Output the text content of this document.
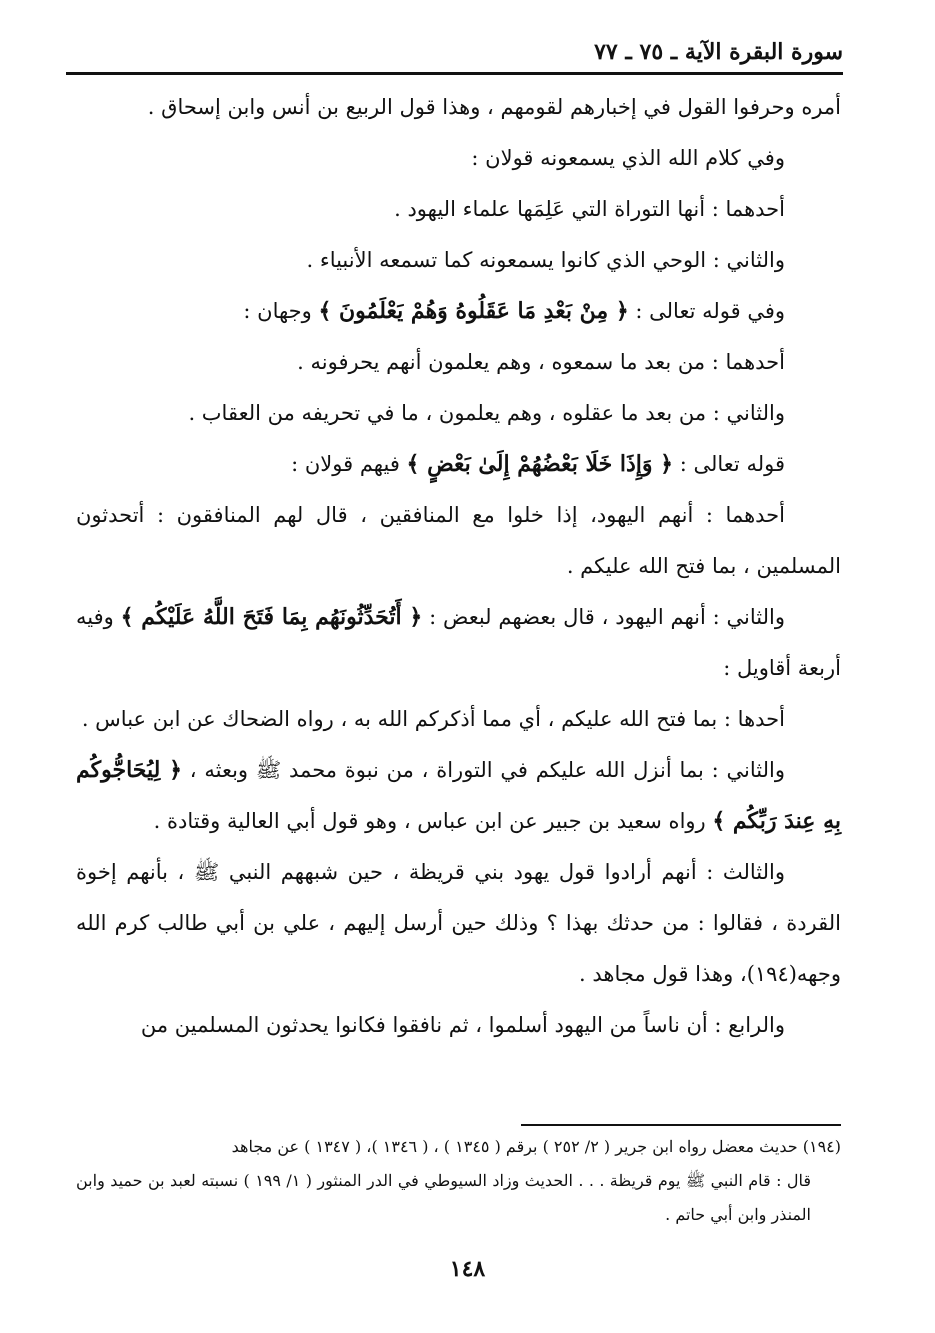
سورة البقرة الآية ـ ٧٥ ـ ٧٧

أمره وحرفوا القول في إخبارهم لقومهم ، وهذا قول الربيع بن أنس وابن إسحاق .

وفي كلام الله الذي يسمعونه قولان :

أحدهما : أنها التوراة التي عَلِمَها علماء اليهود .

والثاني : الوحي الذي كانوا يسمعونه كما تسمعه الأنبياء .

وفي قوله تعالى : ﴿ مِنْ بَعْدِ مَا عَقَلُوهُ وَهُمْ يَعْلَمُونَ ﴾ وجهان :

أحدهما : من بعد ما سمعوه ، وهم يعلمون أنهم يحرفونه .

والثاني : من بعد ما عقلوه ، وهم يعلمون ، ما في تحريفه من العقاب .

قوله تعالى : ﴿ وَإِذَا خَلَا بَعْضُهُمْ إِلَىٰ بَعْضٍ ﴾ فيهم قولان :

أحدهما : أنهم اليهود، إذا خلوا مع المنافقين ، قال لهم المنافقون : أتحدثون المسلمين ، بما فتح الله عليكم .

والثاني : أنهم اليهود ، قال بعضهم لبعض : ﴿ أَتُحَدِّثُونَهُم بِمَا فَتَحَ اللَّهُ عَلَيْكُم ﴾ وفيه أربعة أقاويل :

أحدها : بما فتح الله عليكم ، أي مما أذكركم الله به ، رواه الضحاك عن ابن عباس .

والثاني : بما أنزل الله عليكم في التوراة ، من نبوة محمد ﷺ وبعثه ، ﴿ لِيُحَاجُّوكُم بِهِ عِندَ رَبِّكُم ﴾ رواه سعيد بن جبير عن ابن عباس ، وهو قول أبي العالية وقتادة .

والثالث : أنهم أرادوا قول يهود بني قريظة ، حين شبههم النبي ﷺ ، بأنهم إخوة القردة ، فقالوا : من حدثك بهذا ؟ وذلك حين أرسل إليهم ، علي بن أبي طالب كرم الله وجهه(١٩٤)، وهذا قول مجاهد .

والرابع : أن ناساً من اليهود أسلموا ، ثم نافقوا فكانوا يحدثون المسلمين من

(١٩٤) حديث معضل رواه ابن جرير ( ٢/ ٢٥٢ ) برقم ( ١٣٤٥ ) ، ( ١٣٤٦ )، ( ١٣٤٧ ) عن مجاهد

قال : قام النبي ﷺ يوم قريظة . . . الحديث وزاد السيوطي في الدر المنثور ( ١/ ١٩٩ ) نسبته لعبد بن حميد وابن المنذر وابن أبي حاتم .

١٤٨
